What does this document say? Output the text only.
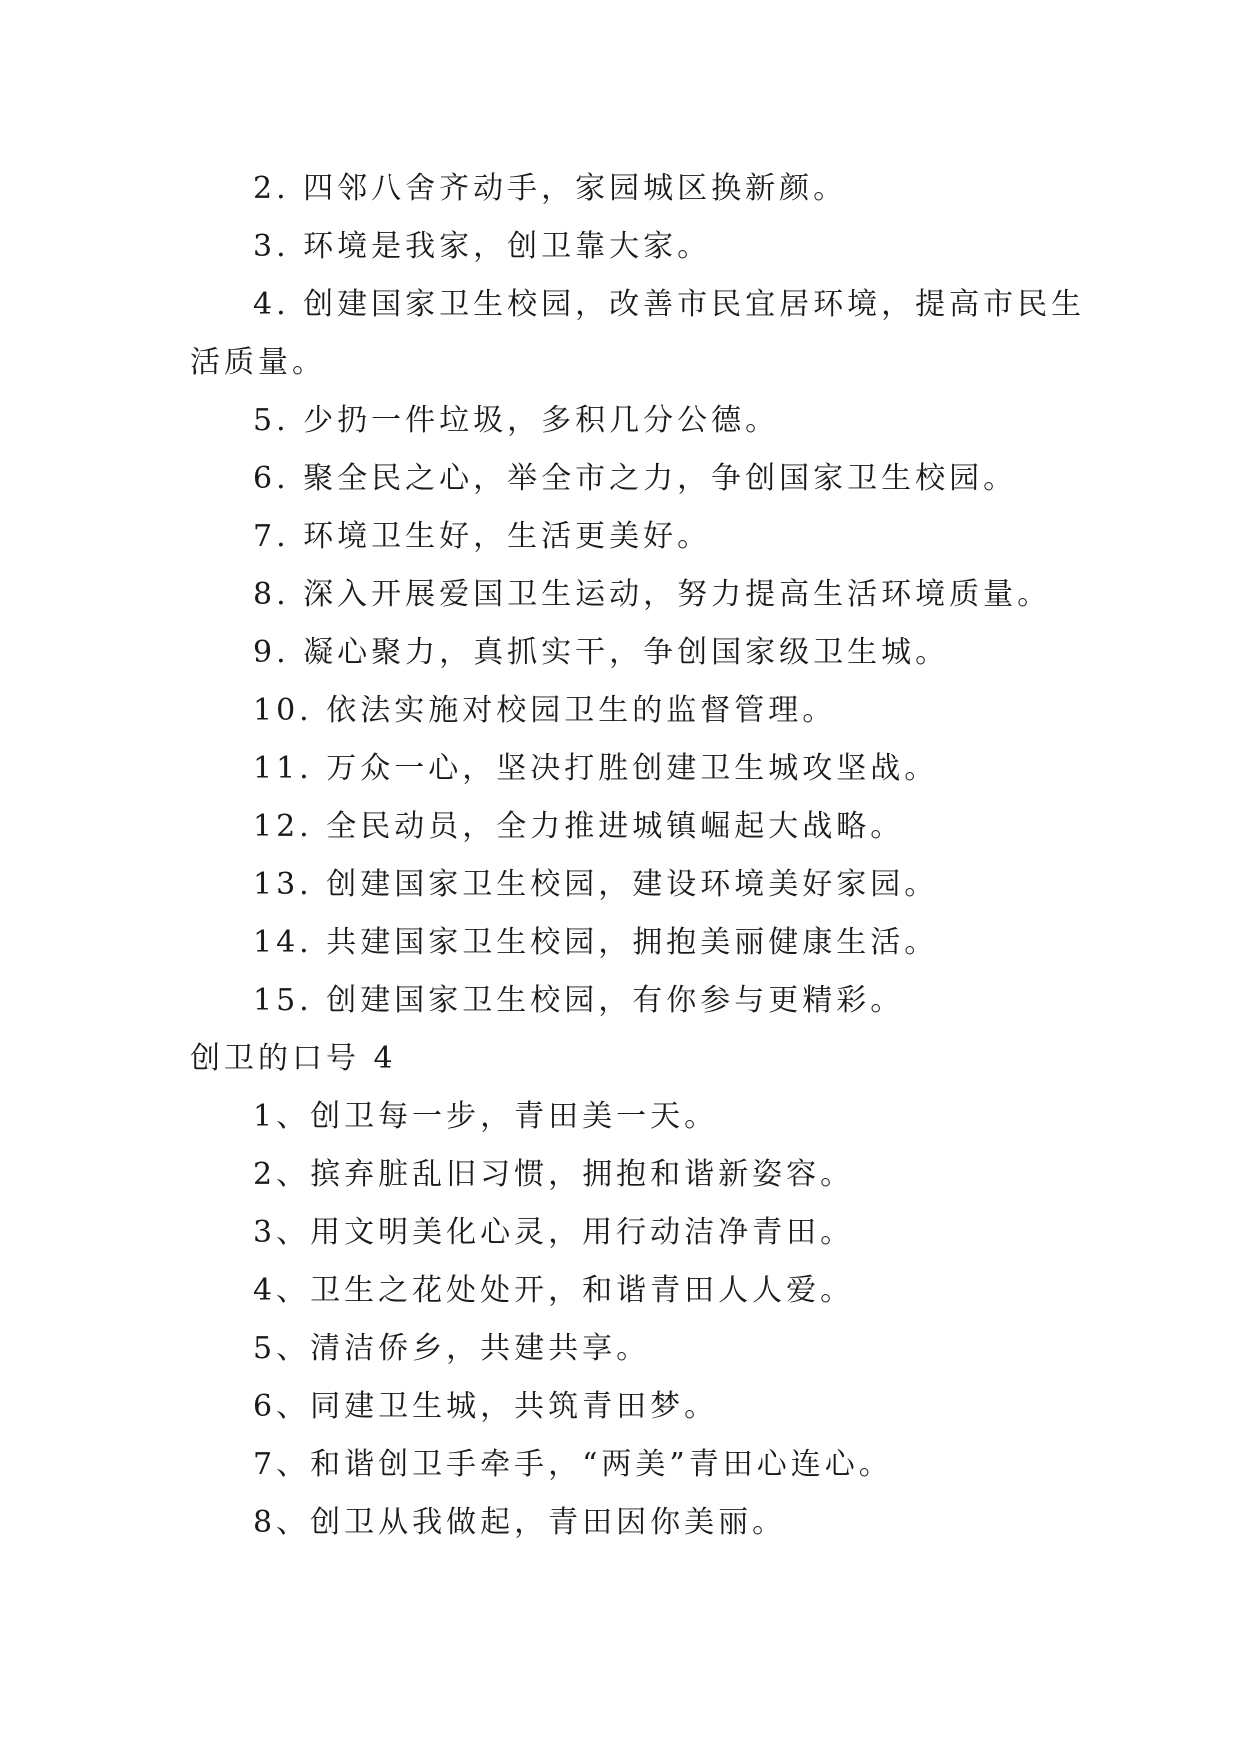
2. 四邻八舍齐动手，家园城区换新颜。
3. 环境是我家，创卫靠大家。
4. 创建国家卫生校园，改善市民宜居环境，提高市民生
活质量。
5. 少扔一件垃圾，多积几分公德。
6. 聚全民之心，举全市之力，争创国家卫生校园。
7. 环境卫生好，生活更美好。
8. 深入开展爱国卫生运动，努力提高生活环境质量。
9. 凝心聚力，真抓实干，争创国家级卫生城。
10. 依法实施对校园卫生的监督管理。
11. 万众一心，坚决打胜创建卫生城攻坚战。
12. 全民动员，全力推进城镇崛起大战略。
13. 创建国家卫生校园，建设环境美好家园。
14. 共建国家卫生校园，拥抱美丽健康生活。
15. 创建国家卫生校园，有你参与更精彩。
创卫的口号 4
1、创卫每一步，青田美一天。
2、摈弃脏乱旧习惯，拥抱和谐新姿容。
3、用文明美化心灵，用行动洁净青田。
4、卫生之花处处开，和谐青田人人爱。
5、清洁侨乡，共建共享。
6、同建卫生城，共筑青田梦。
7、和谐创卫手牵手，“两美”青田心连心。
8、创卫从我做起，青田因你美丽。
